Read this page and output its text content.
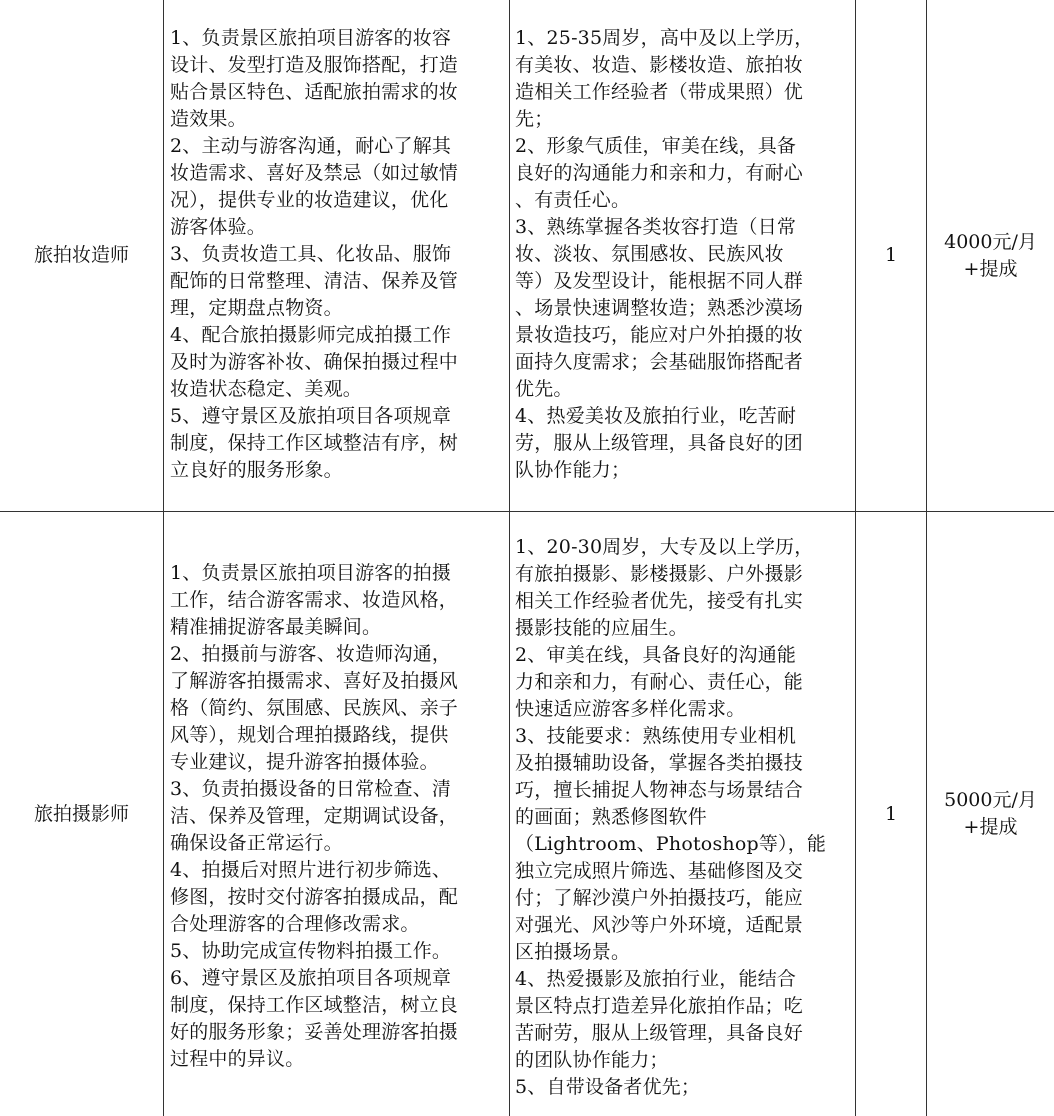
旅拍妆造师
1、负责景区旅拍项目游客的妆容
设计、发型打造及服饰搭配，打造
贴合景区特色、适配旅拍需求的妆
造效果。
2、主动与游客沟通，耐心了解其
妆造需求、喜好及禁忌（如过敏情
况），提供专业的妆造建议，优化
游客体验。
3、负责妆造工具、化妆品、服饰
配饰的日常整理、清洁、保养及管
理，定期盘点物资。
4、配合旅拍摄影师完成拍摄工作
及时为游客补妆、确保拍摄过程中
妆造状态稳定、美观。
5、遵守景区及旅拍项目各项规章
制度，保持工作区域整洁有序，树
立良好的服务形象。
1、25-35周岁，高中及以上学历，
有美妆、妆造、影楼妆造、旅拍妆
造相关工作经验者（带成果照）优
先；
2、形象气质佳，审美在线，具备
良好的沟通能力和亲和力，有耐心
、有责任心。
3、熟练掌握各类妆容打造（日常
妆、淡妆、氛围感妆、民族风妆
等）及发型设计，能根据不同人群
、场景快速调整妆造；熟悉沙漠场
景妆造技巧，能应对户外拍摄的妆
面持久度需求；会基础服饰搭配者
优先。
4、热爱美妆及旅拍行业，吃苦耐
劳，服从上级管理，具备良好的团
队协作能力；
1
4000元/月
+提成
旅拍摄影师
1、负责景区旅拍项目游客的拍摄
工作，结合游客需求、妆造风格，
精准捕捉游客最美瞬间。
2、拍摄前与游客、妆造师沟通，
了解游客拍摄需求、喜好及拍摄风
格（简约、氛围感、民族风、亲子
风等），规划合理拍摄路线，提供
专业建议，提升游客拍摄体验。
3、负责拍摄设备的日常检查、清
洁、保养及管理，定期调试设备，
确保设备正常运行。
4、拍摄后对照片进行初步筛选、
修图，按时交付游客拍摄成品，配
合处理游客的合理修改需求。
5、协助完成宣传物料拍摄工作。
6、遵守景区及旅拍项目各项规章
制度，保持工作区域整洁，树立良
好的服务形象；妥善处理游客拍摄
过程中的异议。
1、20-30周岁，大专及以上学历，
有旅拍摄影、影楼摄影、户外摄影
相关工作经验者优先，接受有扎实
摄影技能的应届生。
2、审美在线，具备良好的沟通能
力和亲和力，有耐心、责任心，能
快速适应游客多样化需求。
3、技能要求：熟练使用专业相机
及拍摄辅助设备，掌握各类拍摄技
巧，擅长捕捉人物神态与场景结合
的画面；熟悉修图软件
（Lightroom、Photoshop等），能
独立完成照片筛选、基础修图及交
付；了解沙漠户外拍摄技巧，能应
对强光、风沙等户外环境，适配景
区拍摄场景。
4、热爱摄影及旅拍行业，能结合
景区特点打造差异化旅拍作品；吃
苦耐劳，服从上级管理，具备良好
的团队协作能力；
5、自带设备者优先；
1
5000元/月
+提成
